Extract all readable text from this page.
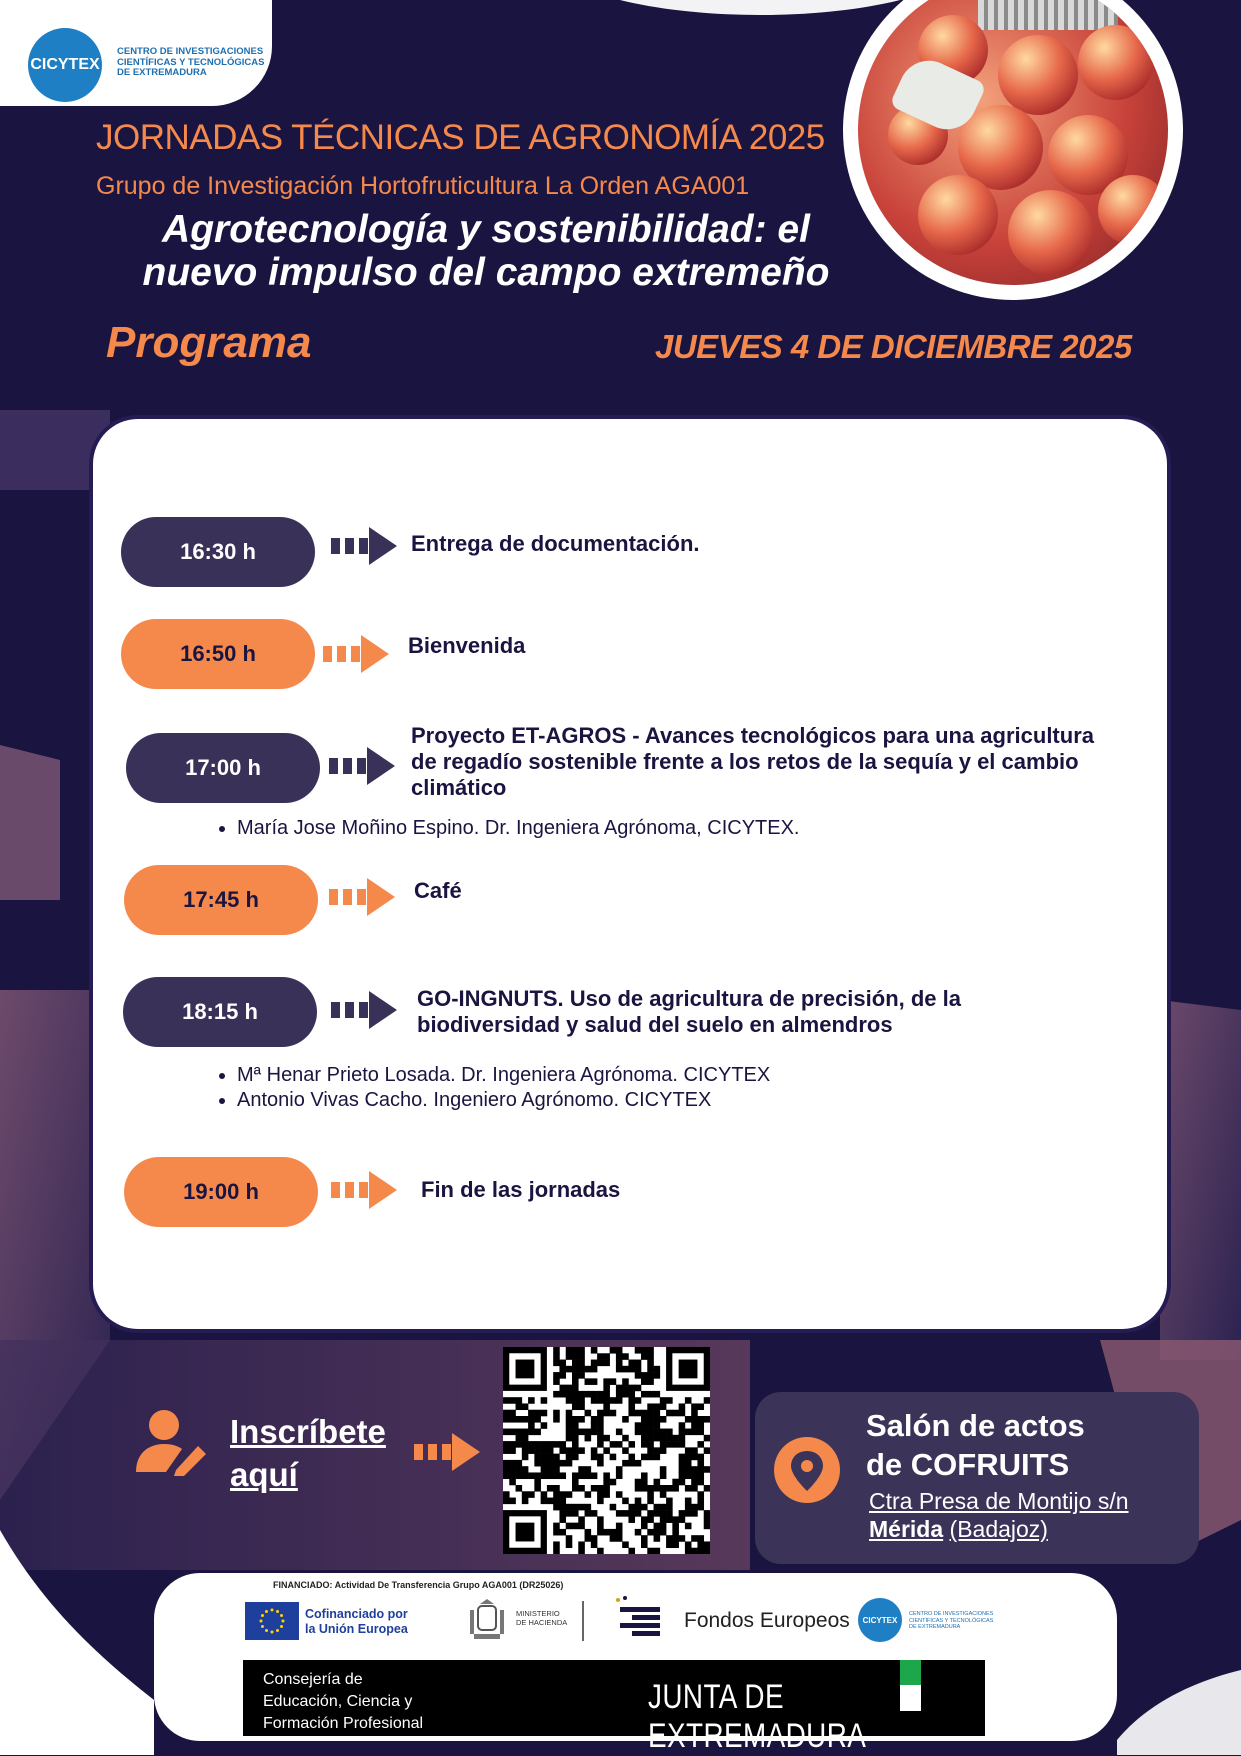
CICYTEX
CENTRO DE INVESTIGACIONES
CIENTÍFICAS Y TECNOLÓGICAS
DE EXTREMADURA
JORNADAS TÉCNICAS DE AGRONOMÍA 2025
Grupo de Investigación Hortofruticultura La Orden AGA001
Agrotecnología y sostenibilidad: el
nuevo impulso del campo extremeño
Programa	JUEVES 4 DE DICIEMBRE 2025
16:30 h	Entrega de documentación.
16:50 h	Bienvenida
17:00 h
Proyecto ET-AGROS - Avances tecnológicos para una agricultura
de regadío sostenible frente a los retos de la sequía y el cambio
climático
• María Jose Moñino Espino. Dr. Ingeniera Agrónoma, CICYTEX.
17:45 h	Café
18:15 h
GO-INGNUTS. Uso de agricultura de precisión, de la
biodiversidad y salud del suelo en almendros
• Mª Henar Prieto Losada. Dr. Ingeniera Agrónoma. CICYTEX
• Antonio Vivas Cacho. Ingeniero Agrónomo. CICYTEX
19:00 h	Fin de las jornadas
Inscríbete
aquí
Salón de actos
de COFRUITS
Ctra Presa de Montijo s/n
Mérida (Badajoz)
FINANCIADO: Actividad De Transferencia Grupo AGA001 (DR25026)
Cofinanciado por
la Unión Europea
MINISTERIO
DE HACIENDA	Fondos Europeos	CICYTEX
CENTRO DE INVESTIGACIONES
CIENTÍFICAS Y TECNOLÓGICAS
DE EXTREMADURA
Consejería de
Educación, Ciencia y
Formación Profesional
JUNTA DE EXTREMADURA
